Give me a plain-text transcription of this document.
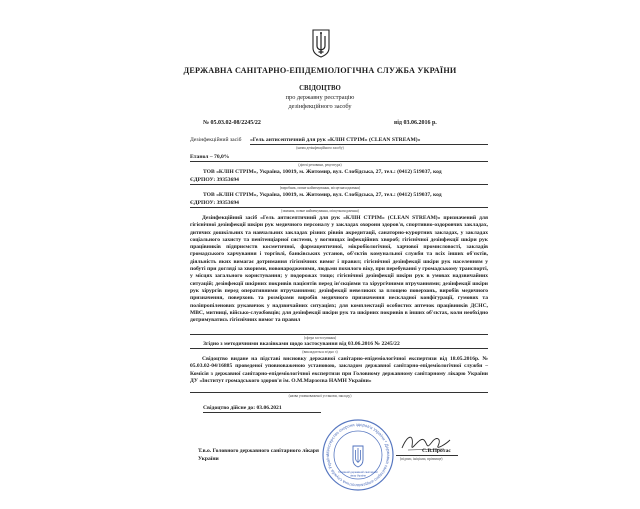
ДЕРЖАВНА САНІТАРНО-ЕПІДЕМІОЛОГІЧНА СЛУЖБА УКРАЇНИ
СВІДОЦТВО
про державну реєстрацію
дезінфекційного засобу
№ 05.03.02-08/2245/22	від 03.06.2016 р.
Дезінфекційний засіб «Гель антисептичний для рук «КЛІН СТРІМ» (CLEAN STREAM)»
(назва дезінфекційного засобу)
Етанол – 70,0%
(діючі речовини, рецептура)
ТОВ «КЛІН СТРІМ», Україна, 10019, м. Житомир, вул. Слобідська, 27, тел.: (0412) 519037, код
ЄДРПОУ: 39353694
(виробник, повне найменування, місцезнаходження)
ТОВ «КЛІН СТРІМ», Україна, 10019, м. Житомир, вул. Слобідська, 27, тел.: (0412) 519037, код
ЄДРПОУ: 39353694
(заявник, повне найменування, місцезнаходження)
Дезінфекційний засіб «Гель антисептичний для рук «КЛІН СТРІМ» (CLEAN STREAM)» призначений для гігієнічної дезінфекції шкіри рук медичного персоналу у закладах охорони здоров'я, спортивно-оздоровчих закладах, дитячих дошкільних та навчальних закладах різних рівнів акредитації, санаторно-курортних закладах, у закладах соціального захисту та пенітенціарної системи, у вогнищах інфекційних хвороб; гігієнічної дезінфекції шкіри рук працівників підприємств косметичної, фармацевтичної, мікробіологічної, харчової промисловості, закладів громадського харчування і торгівлі, банківських установ, об'єктів комунальної служби та всіх інших об'єктів, діяльність яких вимагає дотримання гігієнічних вимог і правил; гігієнічної дезінфекції шкіри рук населенням у побуті при догляді за хворими, новонародженими, людьми похилого віку, при перебуванні у громадському транспорті, у місцях загального користування; у подорожах тощо; гігієнічної дезінфекції шкіри рук в умовах надзвичайних ситуацій; дезінфекції шкірних покривів пацієнтів перед ін'єкціями та хірургічними втручаннями; дезінфекції шкіри рук хірургів перед оперативними втручаннями; дезінфекції невеликих за площею поверхонь, виробів медичного призначення, поверхонь та розмірами виробів медичного призначення нескладної конфігурації, гумових та поліпропіленових рукавичок у надзвичайних ситуаціях; для комплектації особистих аптечок працівників ДСНС, МВС, митниці, військо-службовців; для дезінфекції шкіри рук та шкірних покривів в інших об'єктах, коли необхідно дотримуватись гігієнічних вимог та правил
(сфера застосування)
Згідно з методичними вказівками щодо застосування від 03.06.2016 № 2245/22
(викладається згідно з)
Свідоцтво видане на підставі висновку державної санітарно-епідеміологічної експертизи від 18.05.2016р. № 05.03.02-04/16885 проведеної уповноваженою установою, закладом державної санітарно-епідеміологічної служби – Комісія з державної санітарно-епідеміологічної експертизи при Головному державному санітарному лікарю України ДУ «Інститут громадського здоров'я ім. О.М.Марзєєва НАМН України»
(назва уповноваженої установи, закладу)
Свідоцтво дійсне до: 03.06.2021
Т.в.о. Головного державного санітарного лікаря
України
С.В.Протас
(підпис, ініціали, прізвище)
Міністерство охорони здоров'я України * Державна санітарно-епідеміологічна служба України
Головний державний санітарний
лікар України
